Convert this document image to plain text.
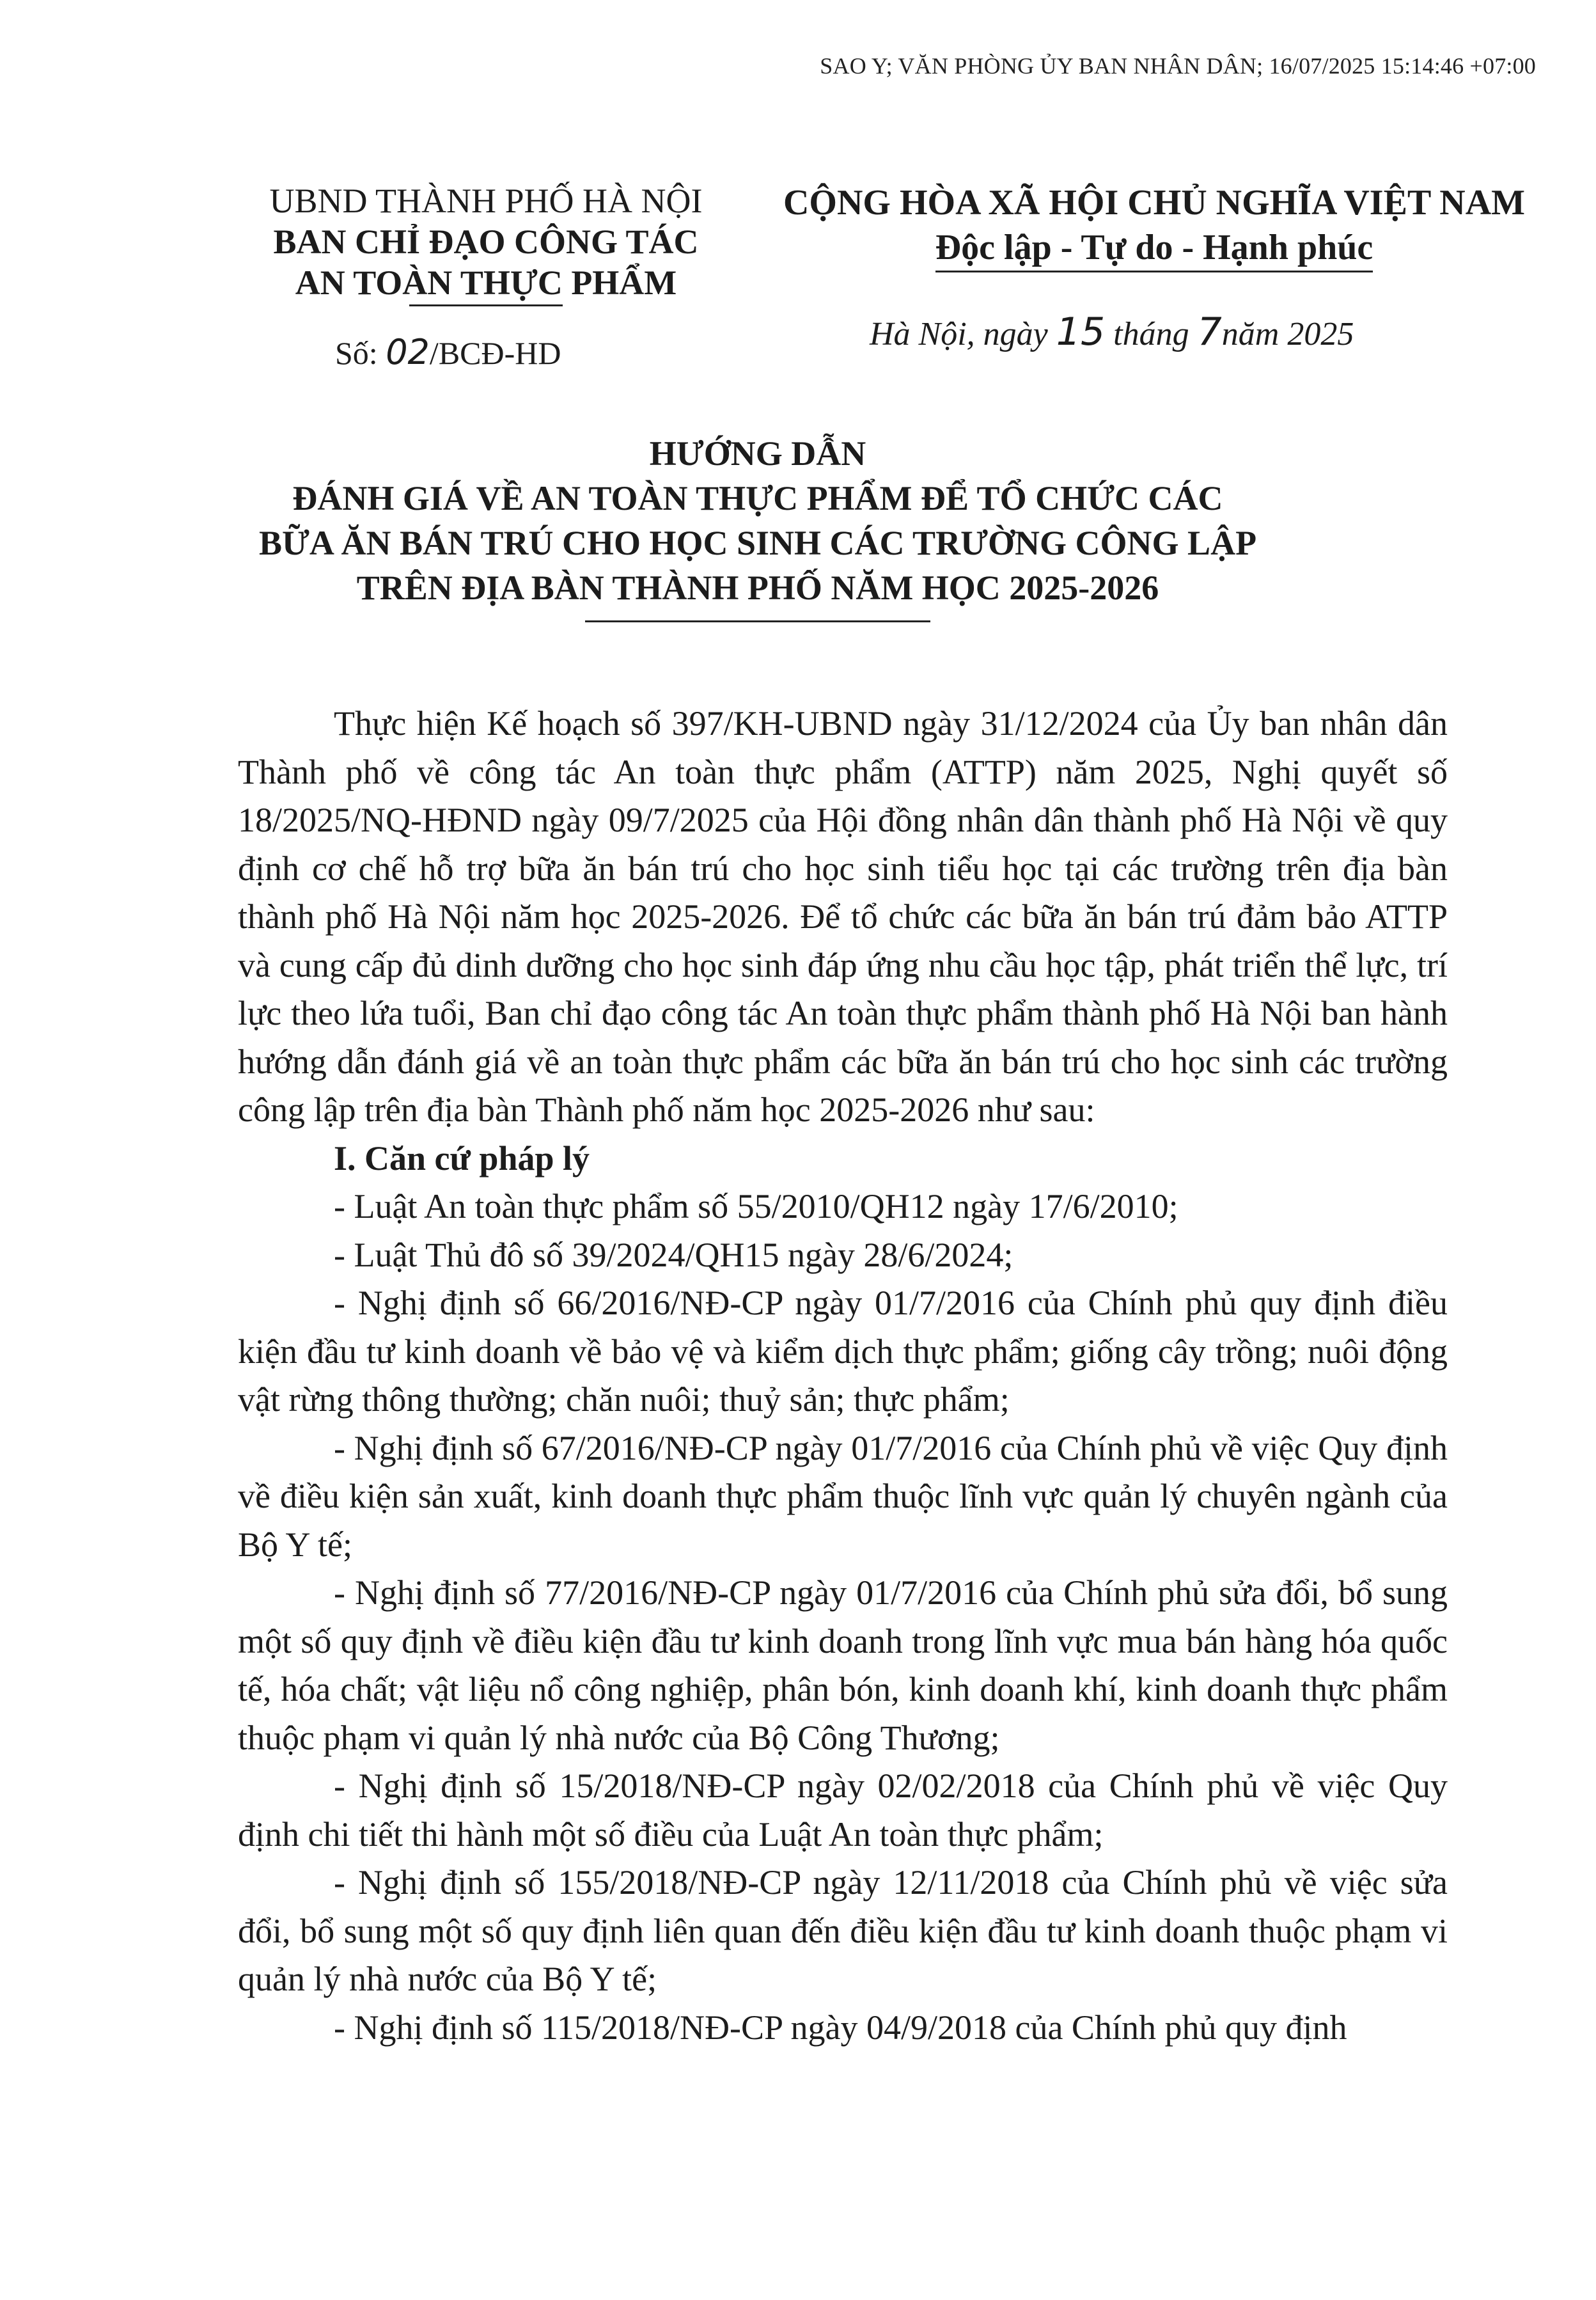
SAO Y; VĂN PHÒNG ỦY BAN NHÂN DÂN; 16/07/2025 15:14:46 +07:00
UBND THÀNH PHỐ HÀ NỘI
BAN CHỈ ĐẠO CÔNG TÁC
AN TOÀN THỰC PHẨM
Số: 02/BCĐ-HD
CỘNG HÒA XÃ HỘI CHỦ NGHĨA VIỆT NAM
Độc lập - Tự do - Hạnh phúc
Hà Nội, ngày 15 tháng 7năm 2025
HƯỚNG DẪN
ĐÁNH GIÁ VỀ AN TOÀN THỰC PHẨM ĐỂ TỔ CHỨC CÁC
BỮA ĂN BÁN TRÚ CHO HỌC SINH CÁC TRƯỜNG CÔNG LẬP
TRÊN ĐỊA BÀN THÀNH PHỐ NĂM HỌC 2025-2026

Thực hiện Kế hoạch số 397/KH-UBND ngày 31/12/2024 của Ủy ban nhân dân Thành phố về công tác An toàn thực phẩm (ATTP) năm 2025, Nghị quyết số 18/2025/NQ-HĐND ngày 09/7/2025 của Hội đồng nhân dân thành phố Hà Nội về quy định cơ chế hỗ trợ bữa ăn bán trú cho học sinh tiểu học tại các trường trên địa bàn thành phố Hà Nội năm học 2025-2026. Để tổ chức các bữa ăn bán trú đảm bảo ATTP và cung cấp đủ dinh dưỡng cho học sinh đáp ứng nhu cầu học tập, phát triển thể lực, trí lực theo lứa tuổi, Ban chỉ đạo công tác An toàn thực phẩm thành phố Hà Nội ban hành hướng dẫn đánh giá về an toàn thực phẩm các bữa ăn bán trú cho học sinh các trường công lập trên địa bàn Thành phố năm học 2025-2026 như sau:

I. Căn cứ pháp lý

- Luật An toàn thực phẩm số 55/2010/QH12 ngày 17/6/2010;

- Luật Thủ đô số 39/2024/QH15 ngày 28/6/2024;

- Nghị định số 66/2016/NĐ-CP ngày 01/7/2016 của Chính phủ quy định điều kiện đầu tư kinh doanh về bảo vệ và kiểm dịch thực phẩm; giống cây trồng; nuôi động vật rừng thông thường; chăn nuôi; thuỷ sản; thực phẩm;

- Nghị định số 67/2016/NĐ-CP ngày 01/7/2016 của Chính phủ về việc Quy định về điều kiện sản xuất, kinh doanh thực phẩm thuộc lĩnh vực quản lý chuyên ngành của Bộ Y tế;

- Nghị định số 77/2016/NĐ-CP ngày 01/7/2016 của Chính phủ sửa đổi, bổ sung một số quy định về điều kiện đầu tư kinh doanh trong lĩnh vực mua bán hàng hóa quốc tế, hóa chất; vật liệu nổ công nghiệp, phân bón, kinh doanh khí, kinh doanh thực phẩm thuộc phạm vi quản lý nhà nước của Bộ Công Thương;

- Nghị định số 15/2018/NĐ-CP ngày 02/02/2018 của Chính phủ về việc Quy định chi tiết thi hành một số điều của Luật An toàn thực phẩm;

- Nghị định số 155/2018/NĐ-CP ngày 12/11/2018 của Chính phủ về việc sửa đổi, bổ sung một số quy định liên quan đến điều kiện đầu tư kinh doanh thuộc phạm vi quản lý nhà nước của Bộ Y tế;

- Nghị định số 115/2018/NĐ-CP ngày 04/9/2018 của Chính phủ quy định
